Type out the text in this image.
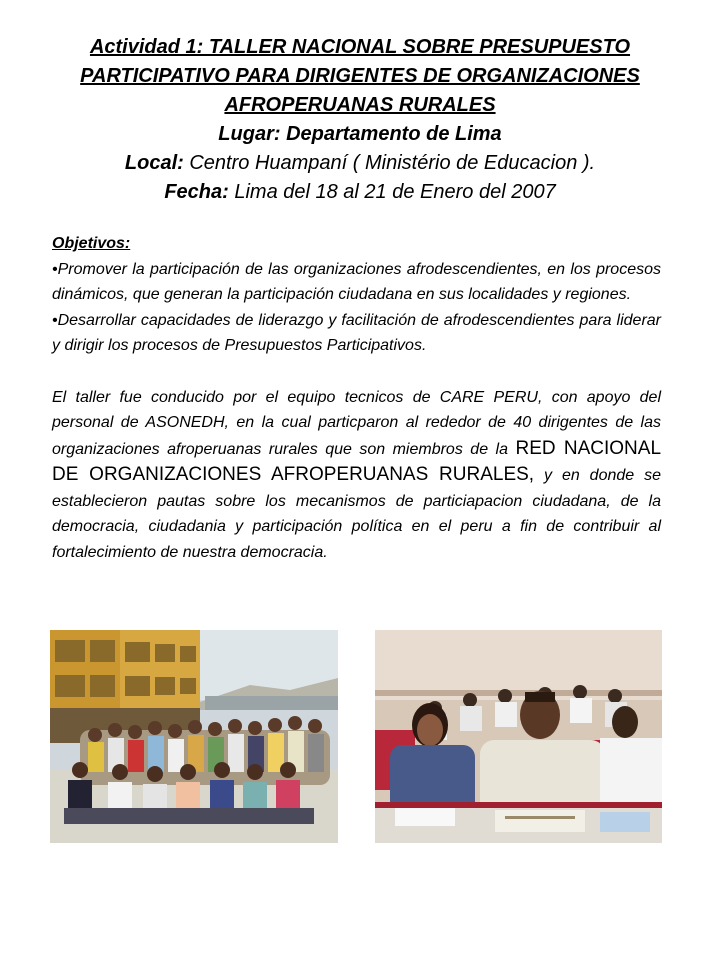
Actividad 1: TALLER NACIONAL SOBRE PRESUPUESTO

PARTICIPATIVO PARA DIRIGENTES DE ORGANIZACIONES

AFROPERUANAS RURALES

Lugar: Departamento de Lima

Local: Centro Huampaní ( Ministério de Educacion ).

Fecha: Lima del 18 al 21 de Enero del 2007

Objetivos:

•Promover la participación de las organizaciones afrodescendientes, en los procesos dinámicos, que generan la participación ciudadana en sus localidades y regiones.

•Desarrollar capacidades de liderazgo y facilitación de afrodescendientes para liderar y dirigir los procesos de Presupuestos Participativos.

El taller fue conducido por el equipo tecnicos de CARE PERU, con apoyo del personal de ASONEDH, en la cual particparon al rededor de 40 dirigentes de las organizaciones afroperuanas rurales que son miembros de la RED NACIONAL DE ORGANIZACIONES AFROPERUANAS RURALES, y en donde se establecieron pautas sobre los mecanismos de particiapacion ciudadana, de la democracia, ciudadania y participación política en el peru a fin de contribuir al fortalecimiento de nuestra democracia.
